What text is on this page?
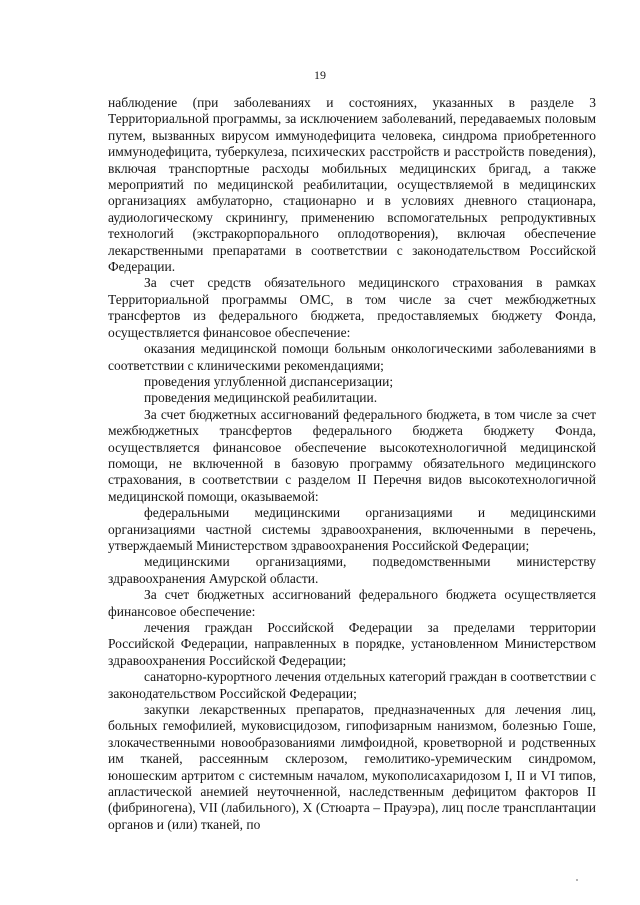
19

наблюдение (при заболеваниях и состояниях, указанных в разделе 3 Территориальной программы, за исключением заболеваний, передаваемых половым путем, вызванных вирусом иммунодефицита человека, синдрома приобретенного иммунодефицита, туберкулеза, психических расстройств и расстройств поведения), включая транспортные расходы мобильных медицинских бригад, а также мероприятий по медицинской реабилитации, осуществляемой в медицинских организациях амбулаторно, стационарно и в условиях дневного стационара, аудиологическому скринингу, применению вспомогательных репродуктивных технологий (экстракорпорального оплодотворения), включая обеспечение лекарственными препаратами в соответствии с законодательством Российской Федерации.

За счет средств обязательного медицинского страхования в рамках Территориальной программы ОМС, в том числе за счет межбюджетных трансфертов из федерального бюджета, предоставляемых бюджету Фонда, осуществляется финансовое обеспечение:

оказания медицинской помощи больным онкологическими заболеваниями в соответствии с клиническими рекомендациями;

проведения углубленной диспансеризации;

проведения медицинской реабилитации.

За счет бюджетных ассигнований федерального бюджета, в том числе за счет межбюджетных трансфертов федерального бюджета бюджету Фонда, осуществляется финансовое обеспечение высокотехнологичной медицинской помощи, не включенной в базовую программу обязательного медицинского страхования, в соответствии с разделом II Перечня видов высокотехнологичной медицинской помощи, оказываемой:

федеральными медицинскими организациями и медицинскими организациями частной системы здравоохранения, включенными в перечень, утверждаемый Министерством здравоохранения Российской Федерации;

медицинскими организациями, подведомственными министерству здравоохранения Амурской области.

За счет бюджетных ассигнований федерального бюджета осуществляется финансовое обеспечение:

лечения граждан Российской Федерации за пределами территории Российской Федерации, направленных в порядке, установленном Министерством здравоохранения Российской Федерации;

санаторно-курортного лечения отдельных категорий граждан в соответствии с законодательством Российской Федерации;

закупки лекарственных препаратов, предназначенных для лечения лиц, больных гемофилией, муковисцидозом, гипофизарным нанизмом, болезнью Гоше, злокачественными новообразованиями лимфоидной, кроветворной и родственных им тканей, рассеянным склерозом, гемолитико-уремическим синдромом, юношеским артритом с системным началом, мукополисахаридозом I, II и VI типов, апластической анемией неуточненной, наследственным дефицитом факторов II (фибриногена), VII (лабильного), X (Стюарта – Прауэра), лиц после трансплантации органов и (или) тканей, по
